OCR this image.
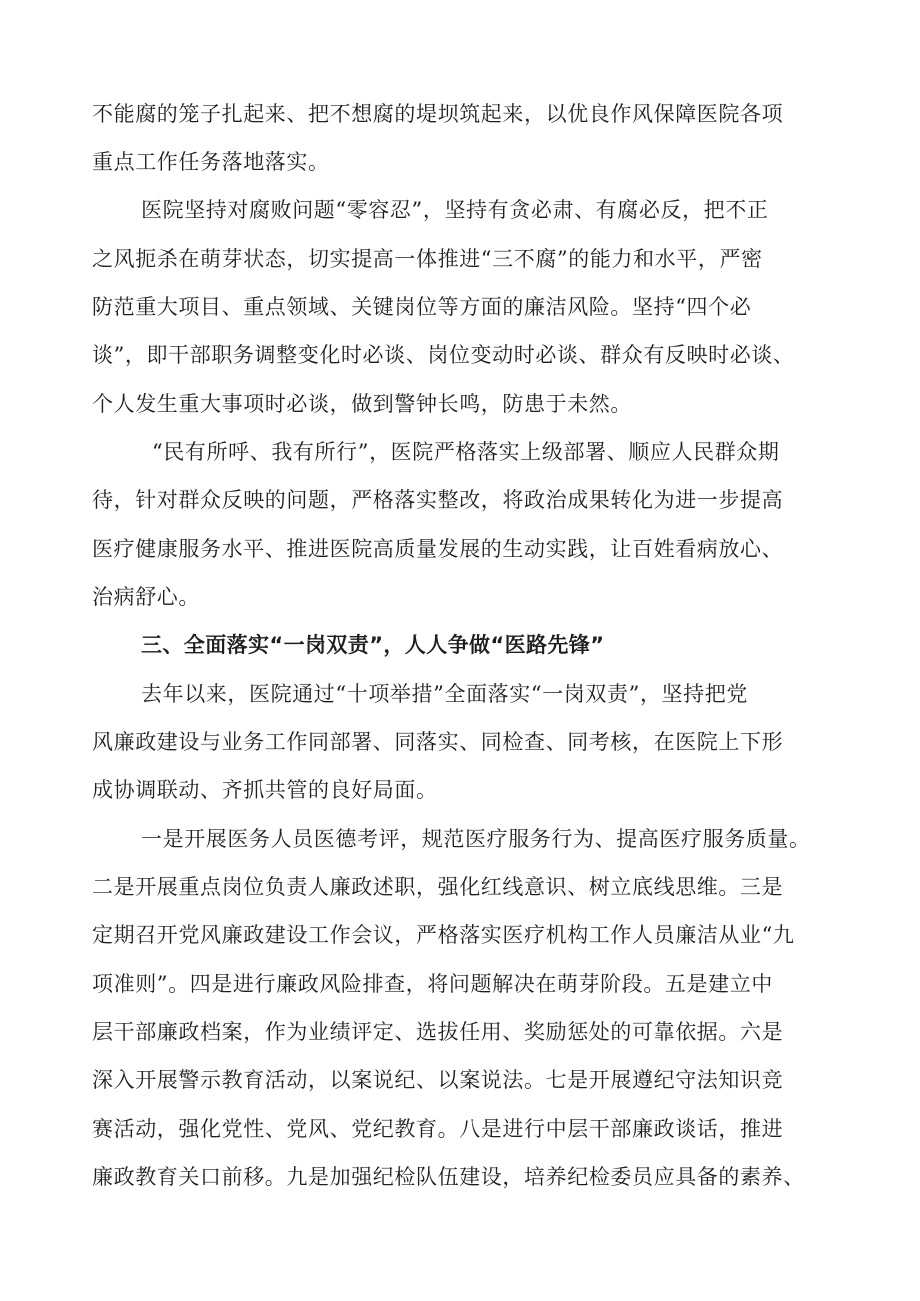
不能腐的笼子扎起来、把不想腐的堤坝筑起来，以优良作风保障医院各项
重点工作任务落地落实。
医院坚持对腐败问题“零容忍”，坚持有贪必肃、有腐必反，把不正
之风扼杀在萌芽状态，切实提高一体推进“三不腐”的能力和水平，严密
防范重大项目、重点领域、关键岗位等方面的廉洁风险。坚持“四个必
谈”，即干部职务调整变化时必谈、岗位变动时必谈、群众有反映时必谈、
个人发生重大事项时必谈，做到警钟长鸣，防患于未然。
“民有所呼、我有所行”，医院严格落实上级部署、顺应人民群众期
待，针对群众反映的问题，严格落实整改，将政治成果转化为进一步提高
医疗健康服务水平、推进医院高质量发展的生动实践，让百姓看病放心、
治病舒心。
三、全面落实“一岗双责”，人人争做“医路先锋”
去年以来，医院通过“十项举措”全面落实“一岗双责”，坚持把党
风廉政建设与业务工作同部署、同落实、同检查、同考核，在医院上下形
成协调联动、齐抓共管的良好局面。
一是开展医务人员医德考评，规范医疗服务行为、提高医疗服务质量。
二是开展重点岗位负责人廉政述职，强化红线意识、树立底线思维。三是
定期召开党风廉政建设工作会议，严格落实医疗机构工作人员廉洁从业“九
项准则”。四是进行廉政风险排查，将问题解决在萌芽阶段。五是建立中
层干部廉政档案，作为业绩评定、选拔任用、奖励惩处的可靠依据。六是
深入开展警示教育活动，以案说纪、以案说法。七是开展遵纪守法知识竞
赛活动，强化党性、党风、党纪教育。八是进行中层干部廉政谈话，推进
廉政教育关口前移。九是加强纪检队伍建设，培养纪检委员应具备的素养、
